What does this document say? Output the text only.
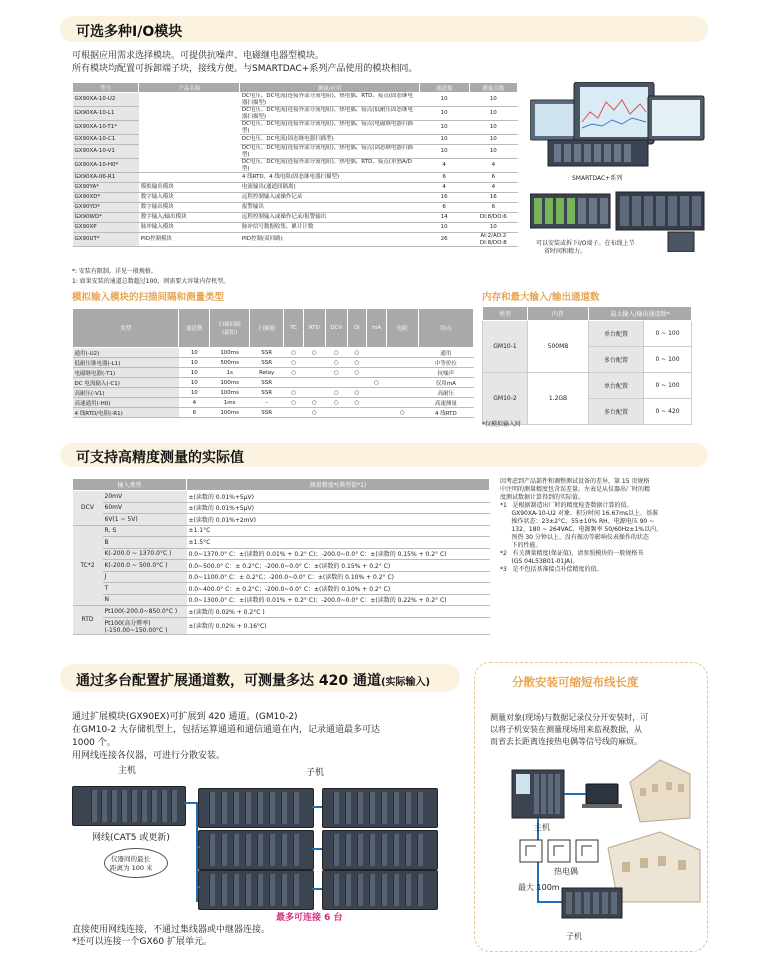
可选多种I/O模块
可根据应用需求选择模块。可提供抗噪声、电磁继电器型模块。
所有模块均配置可拆卸端子块，接线方便。与SMARTDAC+系列产品使用的模块相同。
型号	产品名称	测量/应用	通道数	测量点数
GX90XA-10-U2		DC电压、DC电流(连接外部分流电阻)、热电偶、RTD、接点(固态继电器扫描型)	10	10
GX90XA-10-L1		DC电压、DC电流(连接外部分流电阻)、热电偶、接点(低耐压固态继电器扫描型)	10	10
GX90XA-10-T1*		DC电压、DC电流(连接外部分流电阻)、热电偶、接点(电磁继电器扫描型)	10	10
GX90XA-10-C1		DC电压、DC电流(固态继电器扫描型)	10	10
GX90XA-10-V1		DC电压、DC电流(连接外部分流电阻)、热电偶、接点(固态继电器扫描型)	10	10
GX90XA-10-H0*		DC电压、DC电流(连接外部分流电阻)、热电偶、RTD、接点(单独A/D型)	4	4
GX90XA-06-R1		4 线RTD、4 线电阻(固态继电器扫描型)	6	6
GX90YA*	模拟输出模块	电流输出(通道间隔离)	4	4
GX90XD*	数字输入模块	远程控制输入或操作记录	16	16
GX90YD*	数字输出模块	报警输出	6	6
GX90WD*	数字输入/输出模块	远程控制输入或操作记录/报警输出	14	DI:8/DO:6
GX90XP	脉冲输入模块	脉冲信号数据收集、累计计数	10	10
GX90UT*	PID控制模块	PID控制(双回路)	26	AI:2/AO:2
DI:8/DO:8
*: 安装有限制。详见一般规格。
1: 如果安装的通道总数超过100，则需要大容量内存机型。
SMARTDAC+系列
可以安装或拆下I/O端子。在布线上节
省时间和精力。
模拟输入模块的扫描间隔和测量类型
类型	通道数	扫描间隔
(最短)	扫描器	TC	RTD	DCV	DI	mA	电阻	特点
通用(-U2)	10	100ms	SSR	○	○	○	○			通用
低耐压继电器(-L1)	10	500ms	SSR	○		○	○			中等价位
电磁继电器(-T1)	10	1s	Relay	○		○	○			抗噪声
DC 电流输入(-C1)	10	100ms	SSR					○		仅用mA
高耐压(-V1)	10	100ms	SSR	○		○	○			高耐压
高速通用(-H0)	4	1ms	–	○	○	○	○			高速测量
4 线RTD/电阻(-R1)	6	100ms	SSR		○				○	4 线RTD
内存和最大输入/输出通道数
类型	内存	最大输入/输出通道数*	
GM10-1	500MB	单台配置	0 ~ 100
		多台配置	0 ~ 100
GM10-2	1.2GB	单台配置	0 ~ 100
		多台配置	0 ~ 420
*仅模拟输入时
可支持高精度测量的实际值
输入类型		测量精度*(典型值*1)
DCV	20mV	±(读数的 0.01%+5μV)
	60mV	±(读数的 0.01%+5μV)
	6V(1 ~ 5V)	±(读数的 0.01%+2mV)
TC*2	R, S	±1.1°C
	B	±1.5°C
	K(-200.0 ~ 1370.0°C )	0.0~1370.0° C：±(读数的 0.01% + 0.2° C)；-200.0~0.0° C：±(读数的 0.15% + 0.2° C)
	K(-200.0 ~ 500.0°C )	0.0~500.0° C：± 0.2°C；-200.0~0.0° C：±(读数的 0.15% + 0.2° C)
	J	0.0~1100.0° C：± 0.2°C；-200.0~0.0° C：±(读数的 0.10% + 0.2° C)
	T	0.0~400.0° C：± 0.2°C；-200.0~0.0° C：±(读数的 0.10% + 0.2° C)
	N	0.0~1300.0° C：±(读数的 0.01% + 0.2° C)；-200.0~0.0° C：±(读数的 0.22% + 0.2° C)
RTD	Pt100(-200.0~850.0°C )	±(读数的 0.02% + 0.2°C )
	Pt100(高分辨率)
(-150.00~150.00°C )	±(读数的 0.02% + 0.16°C)
因考虑到产品部件和调整测试设备的差异，第 15 页规格
中注明的测量精度包含误差量。左表是从仪器出厂时的精
度测试数据计算得到的实际值。
*1   是根据制造出厂时的精度检查数据计算的值。
GX90XA-10-U2 对象、积分时间 16.67ms以上、基准
操作状态：23±2°C、55±10% RH、电源电压 90 ~
132、180 ~ 264VAC、电源频率 50/60Hz±1%以内、
预热 30 分钟以上、没有振动等影响仪表操作的状态
下的性能。
*2   有关测量精度(保证值)，请参照模块的一般规格书
(GS 04L53B01-01JA)。
*3   是不包括基准接点补偿精度的值。
通过多台配置扩展通道数，可测量多达 420 通道(实际输入)
通过扩展模块(GX90EX)可扩展到 420 通道。(GM10-2)
在GM10-2 大存储机型上，包括运算通道和通信通道在内，记录通道最多可达
1000 个。
用网线连接各仪器，可进行分散安装。
主机	子机
网线(CAT5 或更新)
仪器间的最长
距离为 100 米
最多可连接 6 台
直接使用网线连接，不通过集线器或中继器连接。
*还可以连接一个GX60 扩展单元。
分散安装可缩短布线长度
测量对象(现场)与数据记录仪分开安装时，可
以将子机安装在测量现场用来监视数据，从
而省去长距离连接热电偶等信号线的麻烦。
主机
热电偶
最大 100m
子机
